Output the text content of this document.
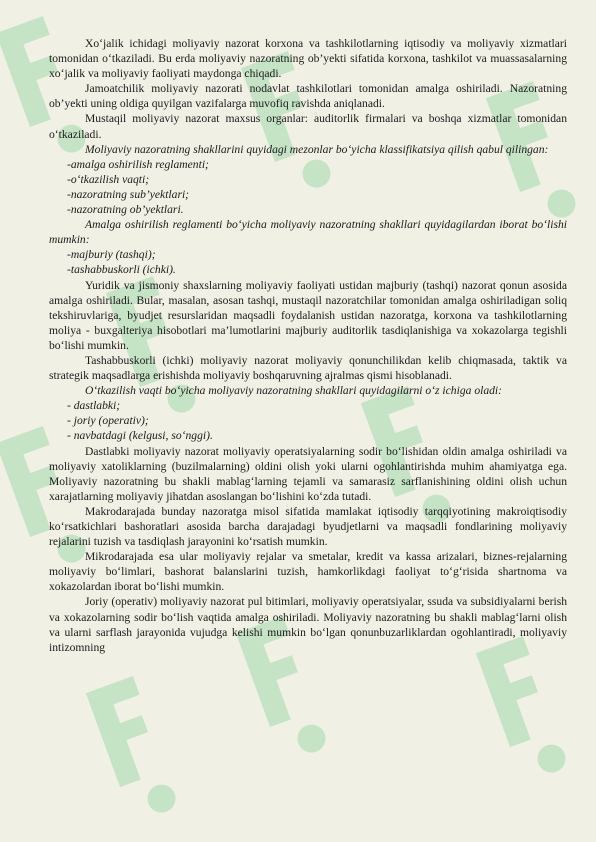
Xo‘jalik ichidagi moliyaviy nazorat korxona va tashkilotlarning iqtisodiy va moliyaviy xizmatlari tomonidan o‘tkaziladi. Bu erda moliyaviy nazoratning ob’yekti sifatida korxona, tashkilot va muassasalarning xo‘jalik va moliyaviy faoliyati maydonga chiqadi.

Jamoatchilik moliyaviy nazorati nodavlat tashkilotlari tomonidan amalga oshiriladi. Nazoratning ob’yekti uning oldiga quyilgan vazifalarga muvofiq ravishda aniqlanadi.

Mustaqil moliyaviy nazorat maxsus organlar: auditorlik firmalari va boshqa xizmatlar tomonidan o‘tkaziladi.

Moliyaviy nazoratning shakllarini quyidagi mezonlar bo‘yicha klassifikatsiya qilish qabul qilingan:

-amalga oshirilish reglamenti;

-o‘tkazilish vaqti;

-nazoratning sub’yektlari;

-nazoratning ob’yektlari.

Amalga oshirilish reglamenti bo‘yicha moliyaviy nazoratning shakllari quyidagilardan iborat bo‘lishi mumkin:

-majburiy (tashqi);

-tashabbuskorli (ichki).

Yuridik va jismoniy shaxslarning moliyaviy faoliyati ustidan majburiy (tashqi) nazorat qonun asosida amalga oshiriladi. Bular, masalan, asosan tashqi, mustaqil nazoratchilar tomonidan amalga oshiriladigan soliq tekshiruvlariga, byudjet resurslaridan maqsadli foydalanish ustidan nazoratga, korxona va tashkilotlarning moliya - buxgalteriya hisobotlari ma’lumotlarini majburiy auditorlik tasdiqlanishiga va xokazolarga tegishli bo‘lishi mumkin.

Tashabbuskorli (ichki) moliyaviy nazorat moliyaviy qonunchilikdan kelib chiqmasada, taktik va strategik maqsadlarga erishishda moliyaviy boshqaruvning ajralmas qismi hisoblanadi.

O‘tkazilish vaqti bo‘yicha moliyaviy nazoratning shakllari quyidagilarni o‘z ichiga oladi:

- dastlabki;

- joriy (operativ);

- navbatdagi (kelgusi, so‘nggi).

Dastlabki moliyaviy nazorat moliyaviy operatsiyalarning sodir bo‘lishidan oldin amalga oshiriladi va moliyaviy xatoliklarning (buzilmalarning) oldini olish yoki ularni ogohlantirishda muhim ahamiyatga ega. Moliyaviy nazoratning bu shakli mablag‘larning tejamli va samarasiz sarflanishining oldini olish uchun xarajatlarning moliyaviy jihatdan asoslangan bo‘lishini ko‘zda tutadi.

Makrodarajada bunday nazoratga misol sifatida mamlakat iqtisodiy tarqqiyotining makroiqtisodiy ko‘rsatkichlari bashoratlari asosida barcha darajadagi byudjetlarni va maqsadli fondlarining moliyaviy rejalarini tuzish va tasdiqlash jarayonini ko‘rsatish mumkin.

Mikrodarajada esa ular moliyaviy rejalar va smetalar, kredit va kassa arizalari, biznes-rejalarning moliyaviy bo‘limlari, bashorat balanslarini tuzish, hamkorlikdagi faoliyat to‘g‘risida shartnoma va xokazolardan iborat bo‘lishi mumkin.

Joriy (operativ) moliyaviy nazorat pul bitimlari, moliyaviy operatsiyalar, ssuda va subsidiyalarni berish va xokazolarning sodir bo‘lish vaqtida amalga oshiriladi. Moliyaviy nazoratning bu shakli mablag‘larni olish va ularni sarflash jarayonida vujudga kelishi mumkin bo‘lgan qonunbuzarliklardan ogohlantiradi, moliyaviy intizomning
